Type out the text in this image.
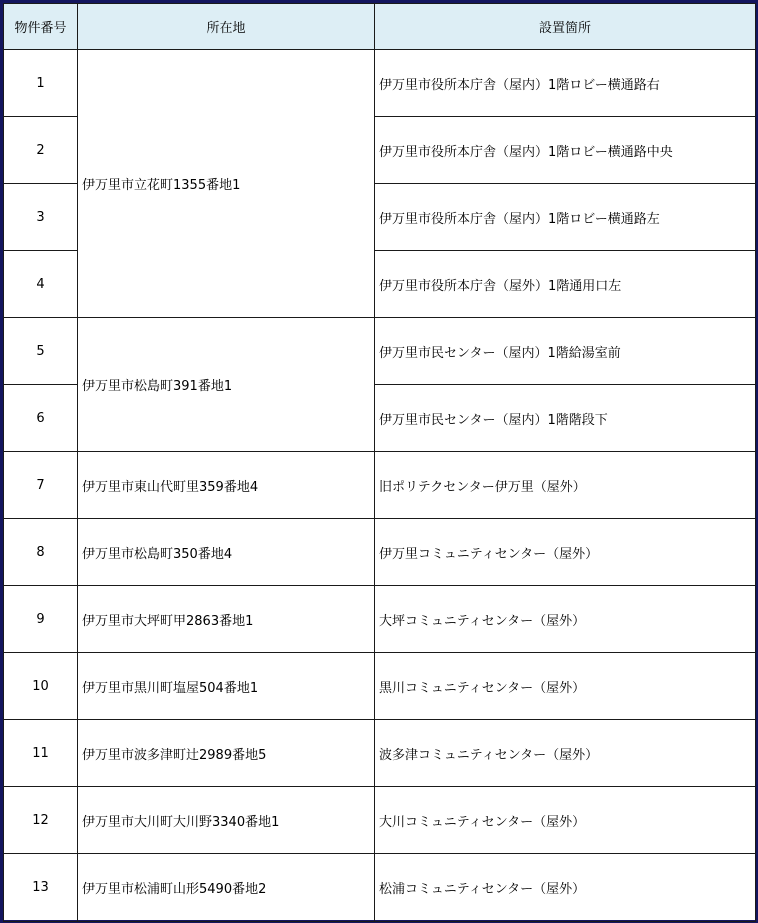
物件番号	所在地	設置箇所
1	伊万里市立花町1355番地1	伊万里市役所本庁舎（屋内）1階ロビー横通路右
2		伊万里市役所本庁舎（屋内）1階ロビー横通路中央
3		伊万里市役所本庁舎（屋内）1階ロビー横通路左
4		伊万里市役所本庁舎（屋外）1階通用口左
5	伊万里市松島町391番地1	伊万里市民センター（屋内）1階給湯室前
6		伊万里市民センター（屋内）1階階段下
7	伊万里市東山代町里359番地4	旧ポリテクセンター伊万里（屋外）
8	伊万里市松島町350番地4	伊万里コミュニティセンター（屋外）
9	伊万里市大坪町甲2863番地1	大坪コミュニティセンター（屋外）
10	伊万里市黒川町塩屋504番地1	黒川コミュニティセンター（屋外）
11	伊万里市波多津町辻2989番地5	波多津コミュニティセンター（屋外）
12	伊万里市大川町大川野3340番地1	大川コミュニティセンター（屋外）
13	伊万里市松浦町山形5490番地2	松浦コミュニティセンター（屋外）
